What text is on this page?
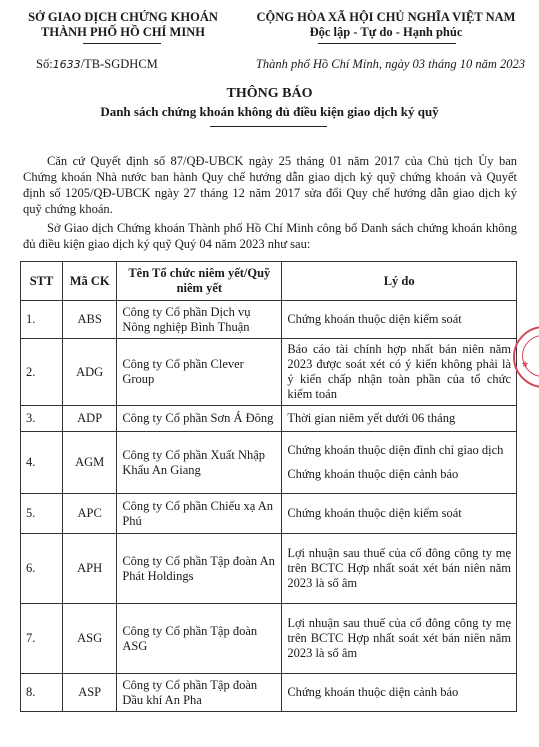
SỞ GIAO DỊCH CHỨNG KHOÁN
THÀNH PHỐ HỒ CHÍ MINH
CỘNG HÒA XÃ HỘI CHỦ NGHĨA VIỆT NAM
Độc lập - Tự do - Hạnh phúc
Số:1633/TB-SGDHCM	Thành phố Hồ Chí Minh, ngày 03 tháng 10 năm 2023
THÔNG BÁO
Danh sách chứng khoán không đủ điều kiện giao dịch ký quỹ
Căn cứ Quyết định số 87/QĐ-UBCK ngày 25 tháng 01 năm 2017 của Chủ tịch Ủy ban Chứng khoán Nhà nước ban hành Quy chế hướng dẫn giao dịch ký quỹ chứng khoán và Quyết định số 1205/QĐ-UBCK ngày 27 tháng 12 năm 2017 sửa đổi Quy chế hướng dẫn giao dịch ký quỹ chứng khoán.
Sở Giao dịch Chứng khoán Thành phố Hồ Chí Minh công bố Danh sách chứng khoán không đủ điều kiện giao dịch ký quỹ Quý 04 năm 2023 như sau:
STT	Mã CK	Tên Tổ chức niêm yết/Quỹ niêm yết	Lý do
1.	ABS	Công ty Cổ phần Dịch vụ Nông nghiệp Bình Thuận	Chứng khoán thuộc diện kiểm soát
2.	ADG	Công ty Cổ phần Clever Group	Báo cáo tài chính hợp nhất bán niên năm 2023 được soát xét có ý kiến không phải là ý kiến chấp nhận toàn phần của tổ chức kiểm toán
3.	ADP	Công ty Cổ phần Sơn Á Đông	Thời gian niêm yết dưới 06 tháng
4.	AGM	Công ty Cổ phần Xuất Nhập Khẩu An Giang	Chứng khoán thuộc diện đình chỉ giao dịch
Chứng khoán thuộc diện cảnh báo

5.	APC	Công ty Cổ phần Chiếu xạ An Phú	Chứng khoán thuộc diện kiểm soát
6.	APH	Công ty Cổ phần Tập đoàn An Phát Holdings	Lợi nhuận sau thuế của cổ đông công ty mẹ trên BCTC Hợp nhất soát xét bán niên năm 2023 là số âm
7.	ASG	Công ty Cổ phần Tập đoàn ASG	Lợi nhuận sau thuế của cổ đông công ty mẹ trên BCTC Hợp nhất soát xét bán niên năm 2023 là số âm
8.	ASP	Công ty Cổ phần Tập đoàn Dầu khí An Pha	Chứng khoán thuộc diện cảnh báo
★
